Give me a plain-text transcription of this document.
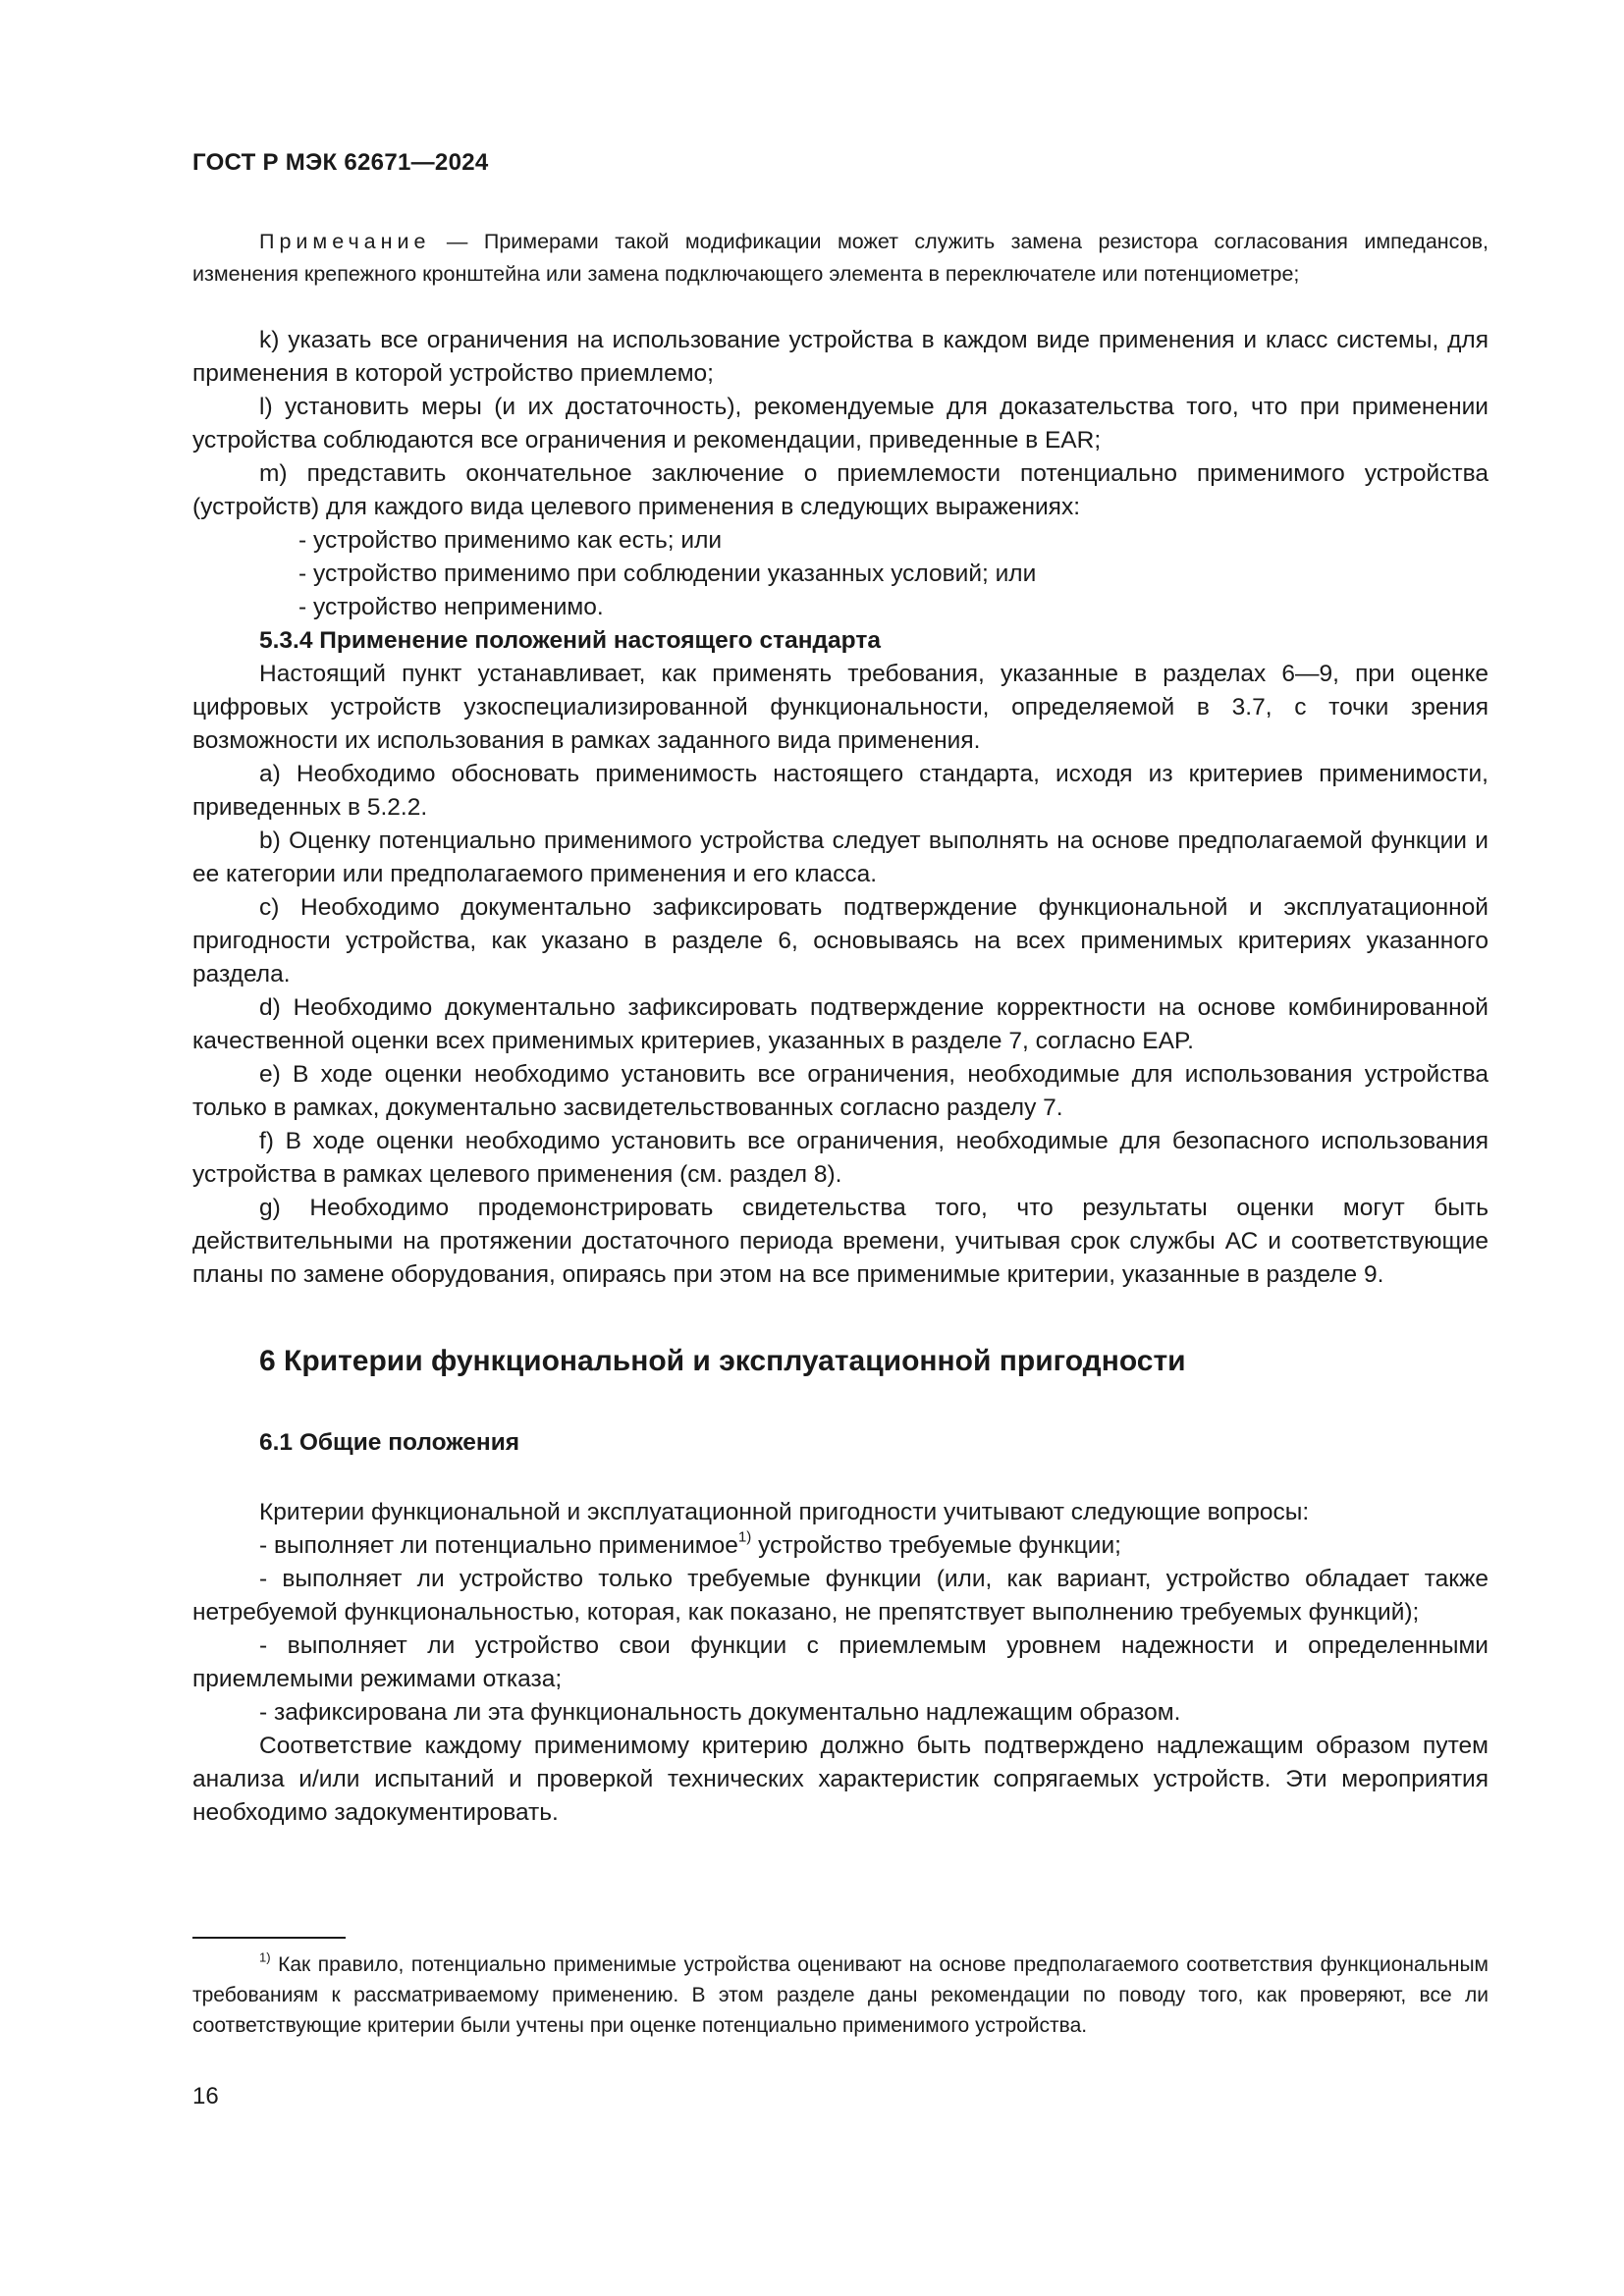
ГОСТ Р МЭК 62671—2024
Примечание — Примерами такой модификации может служить замена резистора согласования импедансов, изменения крепежного кронштейна или замена подключающего элемента в переключателе или потенциометре;

k) указать все ограничения на использование устройства в каждом виде применения и класс системы, для применения в которой устройство приемлемо;

l) установить меры (и их достаточность), рекомендуемые для доказательства того, что при применении устройства соблюдаются все ограничения и рекомендации, приведенные в EAR;

m) представить окончательное заключение о приемлемости потенциально применимого устройства (устройств) для каждого вида целевого применения в следующих выражениях:

- устройство применимо как есть; или

- устройство применимо при соблюдении указанных условий; или

- устройство неприменимо.

5.3.4 Применение положений настоящего стандарта

Настоящий пункт устанавливает, как применять требования, указанные в разделах 6—9, при оценке цифровых устройств узкоспециализированной функциональности, определяемой в 3.7, с точки зрения возможности их использования в рамках заданного вида применения.

a) Необходимо обосновать применимость настоящего стандарта, исходя из критериев применимости, приведенных в 5.2.2.

b) Оценку потенциально применимого устройства следует выполнять на основе предполагаемой функции и ее категории или предполагаемого применения и его класса.

c) Необходимо документально зафиксировать подтверждение функциональной и эксплуатационной пригодности устройства, как указано в разделе 6, основываясь на всех применимых критериях указанного раздела.

d) Необходимо документально зафиксировать подтверждение корректности на основе комбинированной качественной оценки всех применимых критериев, указанных в разделе 7, согласно EAP.

e) В ходе оценки необходимо установить все ограничения, необходимые для использования устройства только в рамках, документально засвидетельствованных согласно разделу 7.

f) В ходе оценки необходимо установить все ограничения, необходимые для безопасного использования устройства в рамках целевого применения (см. раздел 8).

g) Необходимо продемонстрировать свидетельства того, что результаты оценки могут быть действительными на протяжении достаточного периода времени, учитывая срок службы АС и соответствующие планы по замене оборудования, опираясь при этом на все применимые критерии, указанные в разделе 9.

6 Критерии функциональной и эксплуатационной пригодности
6.1 Общие положения

Критерии функциональной и эксплуатационной пригодности учитывают следующие вопросы:

- выполняет ли потенциально применимое$^{1)}$ устройство требуемые функции;

- выполняет ли устройство только требуемые функции (или, как вариант, устройство обладает также нетребуемой функциональностью, которая, как показано, не препятствует выполнению требуемых функций);

- выполняет ли устройство свои функции с приемлемым уровнем надежности и определенными приемлемыми режимами отказа;

- зафиксирована ли эта функциональность документально надлежащим образом.

Соответствие каждому применимому критерию должно быть подтверждено надлежащим образом путем анализа и/или испытаний и проверкой технических характеристик сопрягаемых устройств. Эти мероприятия необходимо задокументировать.

$^{1)}$ Как правило, потенциально применимые устройства оценивают на основе предполагаемого соответствия функциональным требованиям к рассматриваемому применению. В этом разделе даны рекомендации по поводу того, как проверяют, все ли соответствующие критерии были учтены при оценке потенциально применимого устройства.
16
